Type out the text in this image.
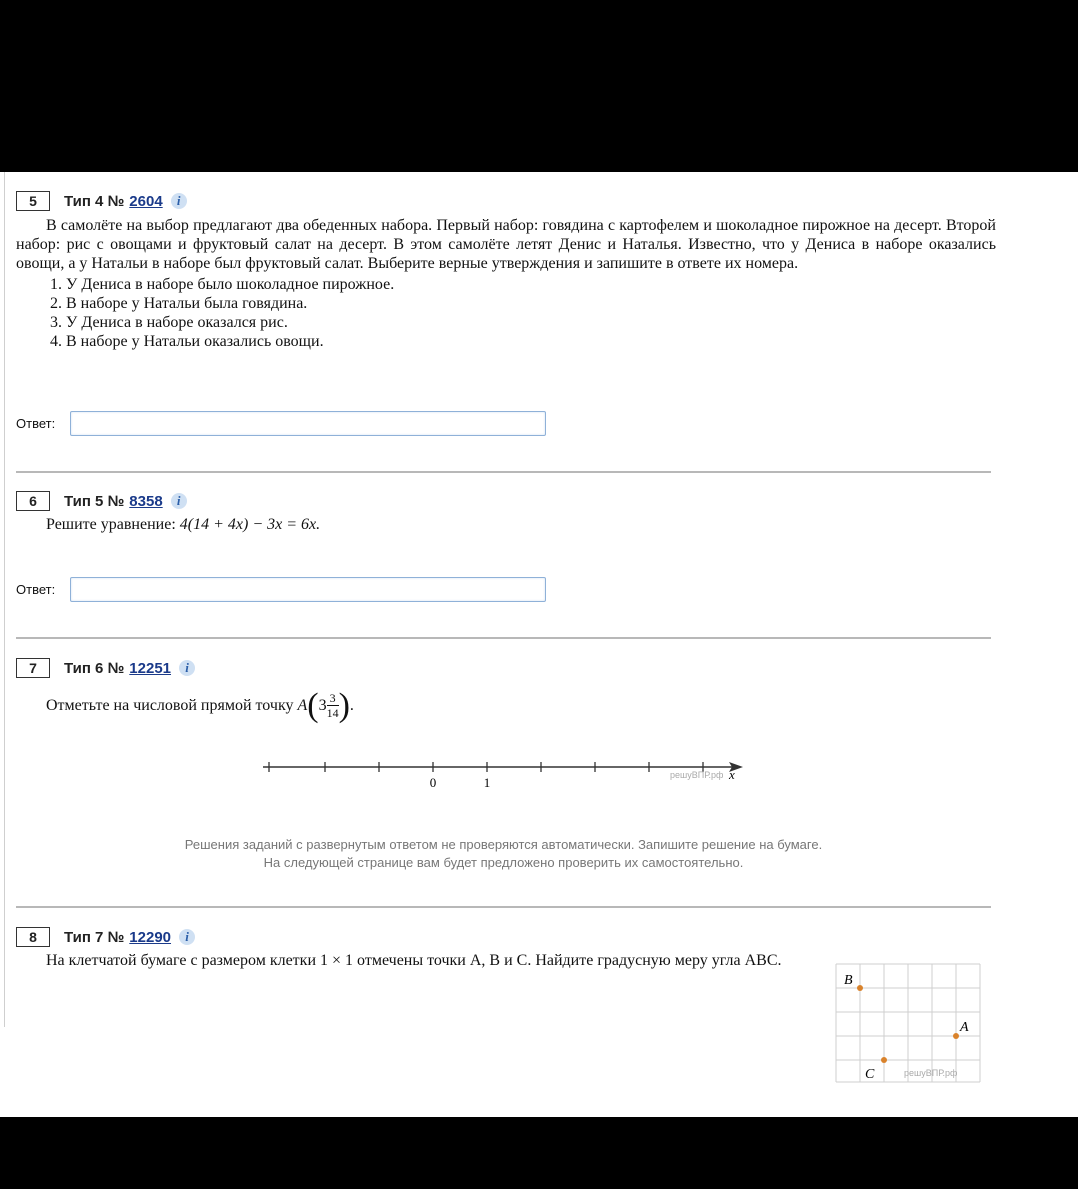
5	Тип
4
№ 2604	i
В самолёте на выбор предлагают два обеденных набора. Первый набор: говядина с картофелем и шоколадное пирожное на десерт. Второй набор: рис с овощами и фруктовый салат на десерт. В этом самолёте летят Денис и Наталья. Известно, что у Дениса в наборе оказались овощи, а у Натальи в наборе был фруктовый салат. Выберите верные утверждения и запишите в ответе их номера.
1. У Дениса в наборе было шоколадное пирожное.
2. В наборе у Натальи была говядина.
3. У Дениса в наборе оказался рис.
4. В наборе у Натальи оказались овощи.
Ответ:
6	Тип
5
№ 8358	i
Решите уравнение: 4(14 + 4x) − 3x = 6x.
Ответ:
7	Тип
6
№ 12251	i
Отметьте на числовой прямой точку
A ( $3 \frac{3}{14}$ ) .
0	1	решуВПР.рф x
Решения заданий с развернутым ответом не проверяются автоматически. Запишите решение на бумаге.
На следующей странице вам будет предложено проверить их самостоятельно.
8	Тип
7
№ 12290	i
На клетчатой бумаге с размером клетки 1 × 1 отмечены точки A, B и C. Найдите градусную меру угла ABC.
B
A
C	решуВПР.рф
